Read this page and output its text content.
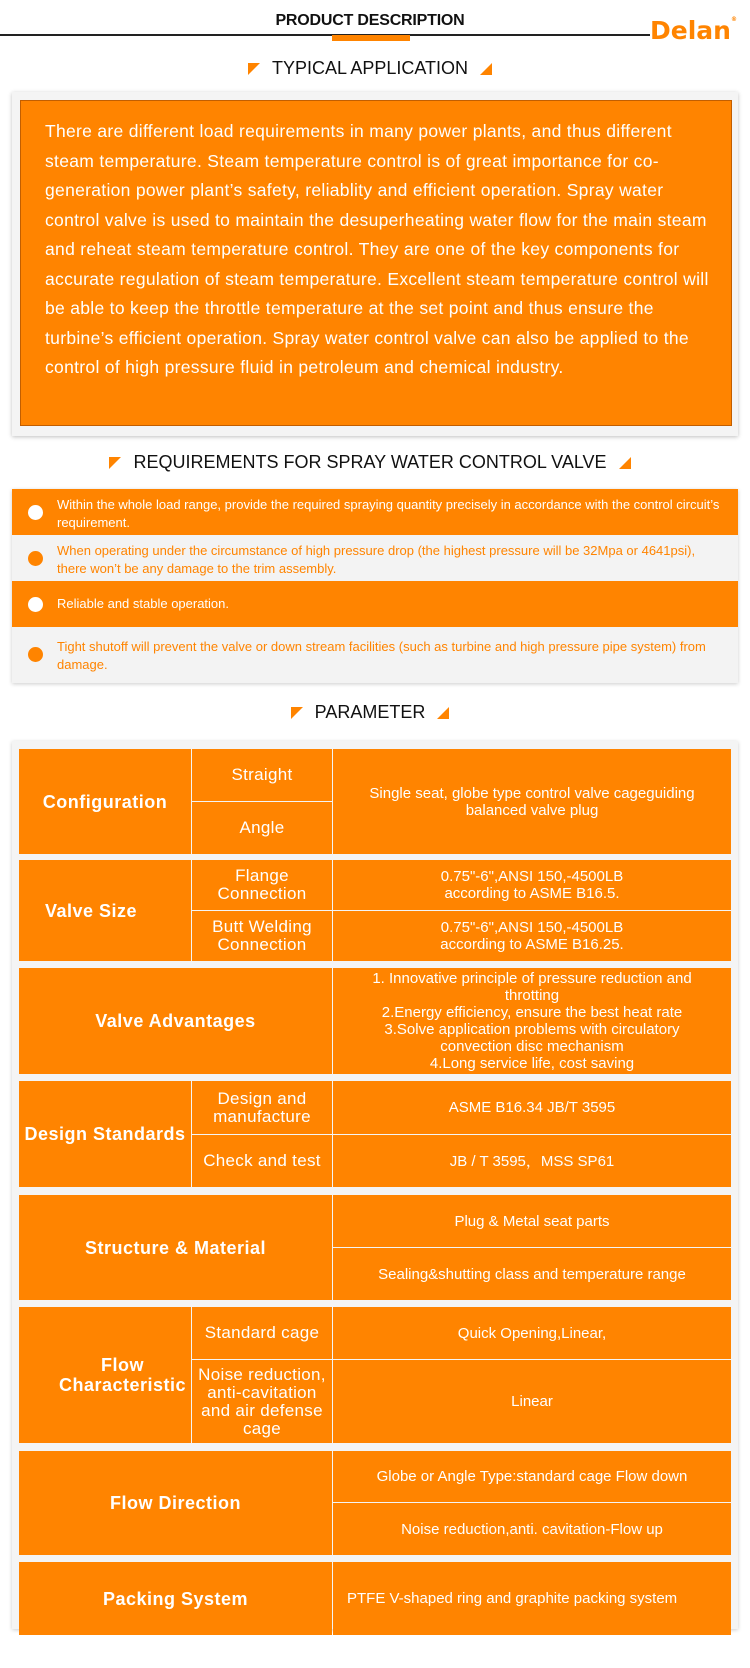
PRODUCT DESCRIPTION	Delan®
TYPICAL APPLICATION
There are different load requirements in many power plants, and thus different steam temperature. Steam temperature control is of great importance for co-generation power plant’s safety, reliablity and efficient operation. Spray water control valve is used to maintain the desuperheating water flow for the main steam and reheat steam temperature control. They are one of the key components for accurate regulation of steam temperature. Excellent steam temperature control will be able to keep the throttle temperature at the set point and thus ensure the turbine’s efficient operation. Spray water control valve can also be applied to the control of high pressure fluid in petroleum and chemical industry.
REQUIREMENTS FOR SPRAY WATER CONTROL VALVE
Within the whole load range, provide the required spraying quantity precisely in accordance with the control circuit’s requirement.
When operating under the circumstance of high pressure drop (the highest pressure will be 32Mpa or 4641psi), there won’t be any damage to the trim assembly.
Reliable and stable operation.
Tight shutoff will prevent the valve or down stream facilities (such as turbine and high pressure pipe system) from damage.
PARAMETER
Configuration
Straight
Angle
Single seat, globe type control valve cageguiding balanced valve plug
Valve Size
Flange Connection
Butt Welding Connection
0.75"-6",ANSI 150,-4500LB according to ASME B16.5.
0.75"-6",ANSI 150,-4500LB according to ASME B16.25.
Valve Advantages
1. Innovative principle of pressure reduction and throtting
2.Energy efficiency, ensure the best heat rate
3.Solve application problems with circulatory convection disc mechanism
4.Long service life, cost saving
Design Standards
Design and manufacture
Check and test
ASME B16.34 JB/T 3595
JB / T 3595，MSS SP61
Structure & Material
Plug & Metal seat parts
Sealing&shutting class and temperature range
Flow Characteristic
Standard cage
Noise reduction, anti-cavitation and air defense cage
Quick Opening,Linear,
Linear
Flow Direction
Globe or Angle Type:standard cage Flow down
Noise reduction,anti. cavitation-Flow up
Packing System	PTFE V-shaped ring and graphite packing system
